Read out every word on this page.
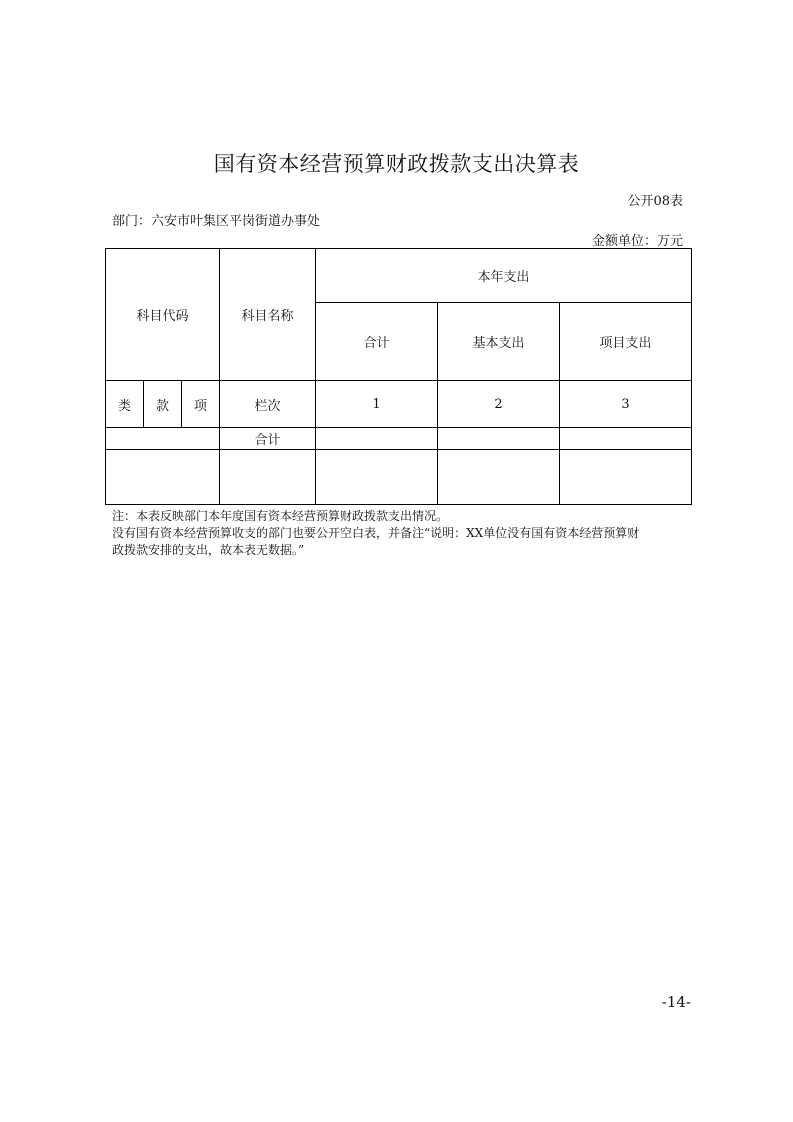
国有资本经营预算财政拨款支出决算表
公开08表
部门：六安市叶集区平岗街道办事处
金额单位：万元
科目代码			科目名称	本年支出		
				合计	基本支出	项目支出
类	款	项	栏次	1	2	3
			合计			

注：本表反映部门本年度国有资本经营预算财政拨款支出情况。
没有国有资本经营预算收支的部门也要公开空白表，并备注“说明：XX单位没有国有资本经营预算财
政拨款安排的支出，故本表无数据。”
-14-
